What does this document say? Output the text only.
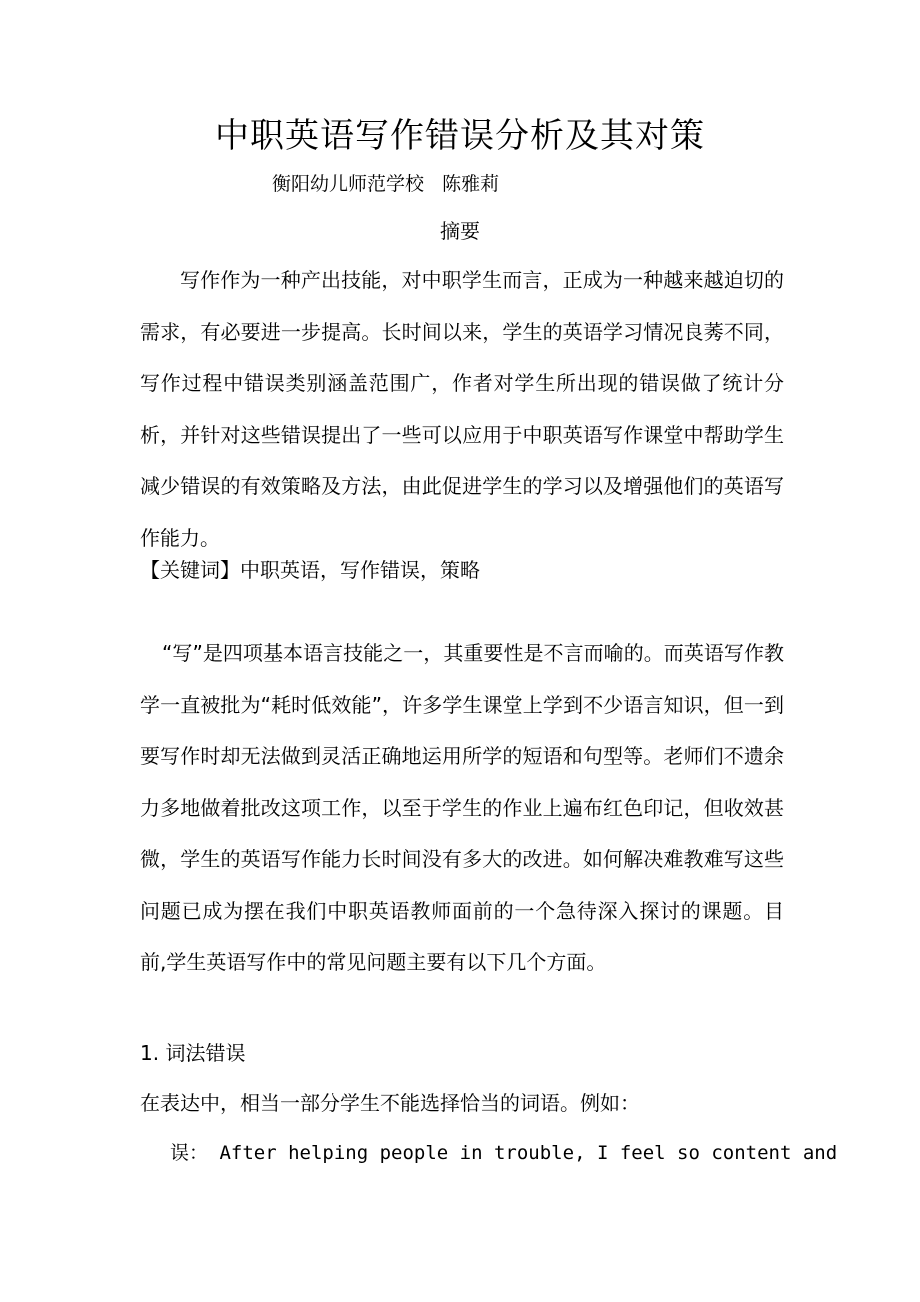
中职英语写作错误分析及其对策
衡阳幼儿师范学校   陈雅莉
摘要

写作作为一种产出技能，对中职学生而言，正成为一种越来越迫切的需求，有必要进一步提高。长时间以来，学生的英语学习情况良莠不同，写作过程中错误类别涵盖范围广，作者对学生所出现的错误做了统计分析，并针对这些错误提出了一些可以应用于中职英语写作课堂中帮助学生减少错误的有效策略及方法，由此促进学生的学习以及增强他们的英语写作能力。

【关键词】中职英语，写作错误，策略

“写”是四项基本语言技能之一，其重要性是不言而喻的。而英语写作教学一直被批为“耗时低效能”，许多学生课堂上学到不少语言知识，但一到要写作时却无法做到灵活正确地运用所学的短语和句型等。老师们不遗余力多地做着批改这项工作，以至于学生的作业上遍布红色印记，但收效甚微，学生的英语写作能力长时间没有多大的改进。如何解决难教难写这些问题已成为摆在我们中职英语教师面前的一个急待深入探讨的课题。目前,学生英语写作中的常见问题主要有以下几个方面。

1. 词法错误

在表达中，相当一部分学生不能选择恰当的词语。例如：

误： After helping people in trouble, I feel so content and
